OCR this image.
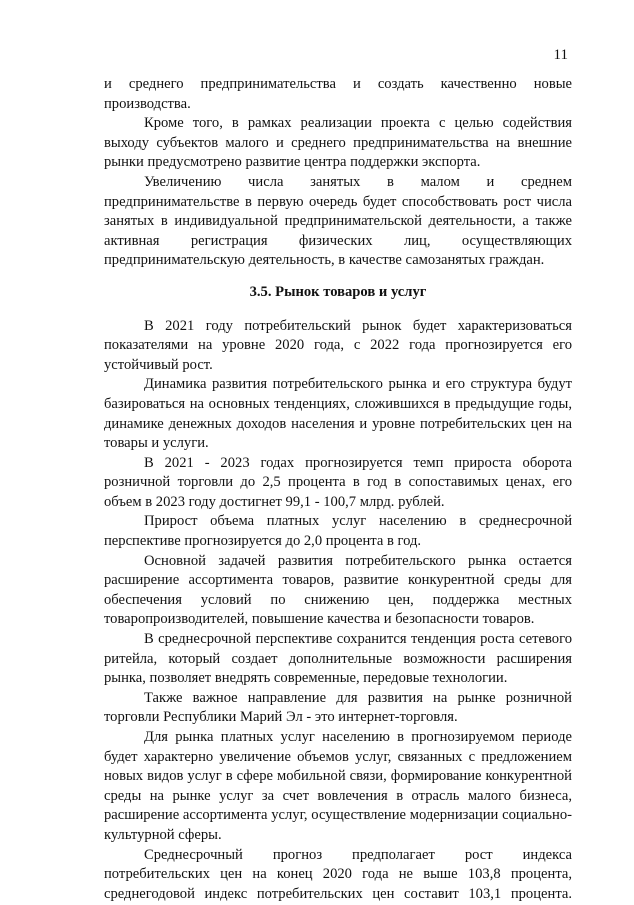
11

и среднего предпринимательства и создать качественно новые производства.

Кроме того, в рамках реализации проекта с целью содействия выходу субъектов малого и среднего предпринимательства на внешние рынки предусмотрено развитие центра поддержки экспорта.

Увеличению числа занятых в малом и среднем предпринимательстве в первую очередь будет способствовать рост числа занятых в индивидуальной предпринимательской деятельности, а также активная регистрация физических лиц, осуществляющих предпринимательскую деятельность, в качестве самозанятых граждан.

3.5. Рынок товаров и услуг

В 2021 году потребительский рынок будет характеризоваться показателями на уровне 2020 года, с 2022 года прогнозируется его устойчивый рост.

Динамика развития потребительского рынка и его структура будут базироваться на основных тенденциях, сложившихся в предыдущие годы, динамике денежных доходов населения и уровне потребительских цен на товары и услуги.

В 2021 - 2023 годах прогнозируется темп прироста оборота розничной торговли до 2,5 процента в год в сопоставимых ценах, его объем в 2023 году достигнет 99,1 - 100,7 млрд. рублей.

Прирост объема платных услуг населению в среднесрочной перспективе прогнозируется до 2,0 процента в год.

Основной задачей развития потребительского рынка остается расширение ассортимента товаров, развитие конкурентной среды для обеспечения условий по снижению цен, поддержка местных товаропроизводителей, повышение качества и безопасности товаров.

В среднесрочной перспективе сохранится тенденция роста сетевого ритейла, который создает дополнительные возможности расширения рынка, позволяет внедрять современные, передовые технологии.

Также важное направление для развития на рынке розничной торговли Республики Марий Эл - это интернет-торговля.

Для рынка платных услуг населению в прогнозируемом периоде будет характерно увеличение объемов услуг, связанных с предложением новых видов услуг в сфере мобильной связи, формирование конкурентной среды на рынке услуг за счет вовлечения в отрасль малого бизнеса, расширение ассортимента услуг, осуществление модернизации социально-культурной сферы.

Среднесрочный прогноз предполагает рост индекса потребительских цен на конец 2020 года не выше 103,8 процента, среднегодовой индекс потребительских цен составит 103,1 процента.
